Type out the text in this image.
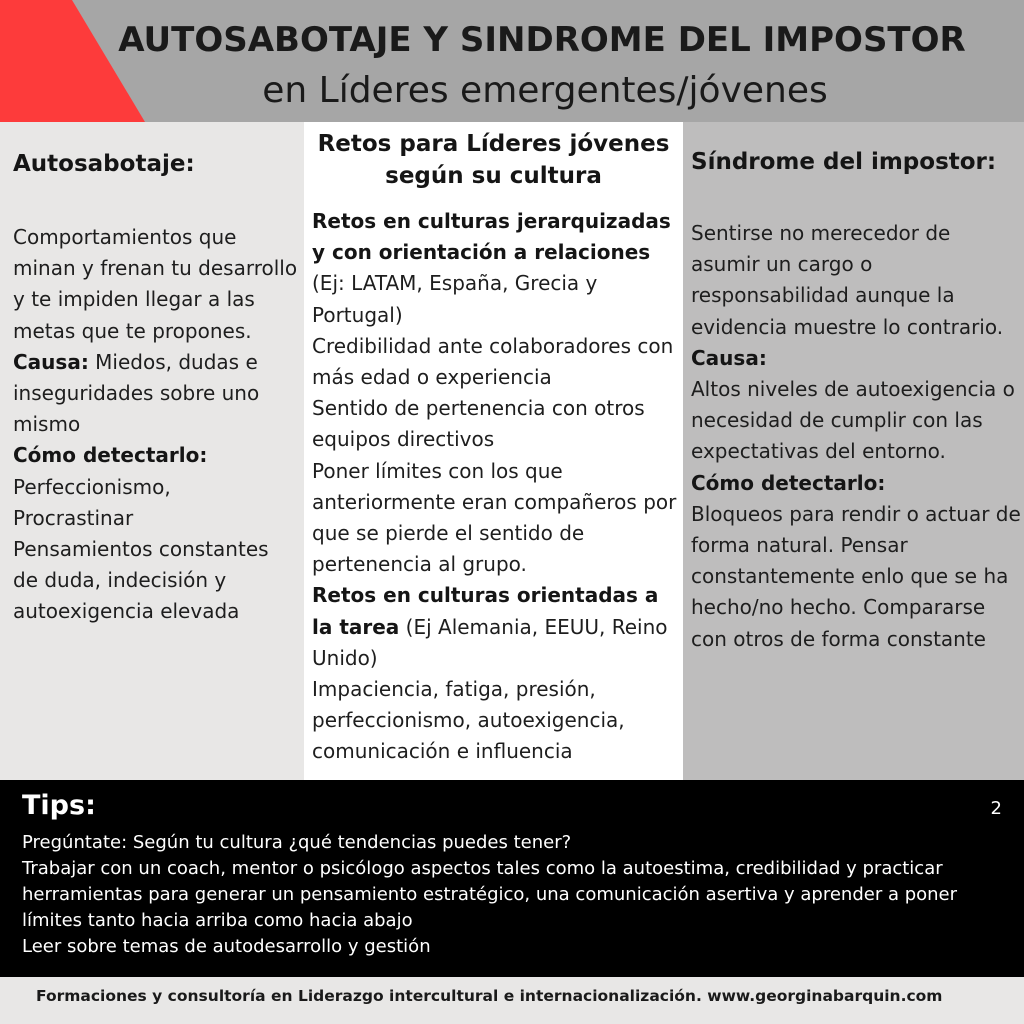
AUTOSABOTAJE Y SINDROME DEL IMPOSTOR
en Líderes emergentes/jóvenes
Autosabotaje:

Comportamientos que minan y frenan tu desarrollo y te impiden llegar a las metas que te propones.

Causa: Miedos, dudas e inseguridades sobre uno mismo

Cómo detectarlo:

Perfeccionismo,

Procrastinar

Pensamientos constantes de duda, indecisión y autoexigencia elevada

Retos para Líderes jóvenes según su cultura

Retos en culturas jerarquizadas y con orientación a relaciones (Ej: LATAM, España, Grecia y Portugal)

Credibilidad ante colaboradores con más edad o experiencia

Sentido de pertenencia con otros equipos directivos

Poner límites con los que anteriormente eran compañeros por que se pierde el sentido de pertenencia al grupo.

Retos en culturas orientadas a la tarea (Ej Alemania, EEUU, Reino Unido)

Impaciencia, fatiga, presión, perfeccionismo, autoexigencia, comunicación e influencia

Síndrome del impostor:

Sentirse no merecedor de asumir un cargo o responsabilidad aunque la evidencia muestre lo contrario.

Causa:

Altos niveles de autoexigencia o necesidad de cumplir con las expectativas del entorno.

Cómo detectarlo:

Bloqueos para rendir o actuar de forma natural. Pensar constantemente enlo que se ha hecho/no hecho. Compararse con otros de forma constante

Tips:	2

Pregúntate: Según tu cultura ¿qué tendencias puedes tener?

Trabajar con un coach, mentor o psicólogo aspectos tales como la autoestima, credibilidad y practicar herramientas para generar un pensamiento estratégico, una comunicación asertiva y aprender a poner límites tanto hacia arriba como hacia abajo

Leer sobre temas de autodesarrollo y gestión

Formaciones y consultoría en Liderazgo intercultural e internacionalización. www.georginabarquin.com
